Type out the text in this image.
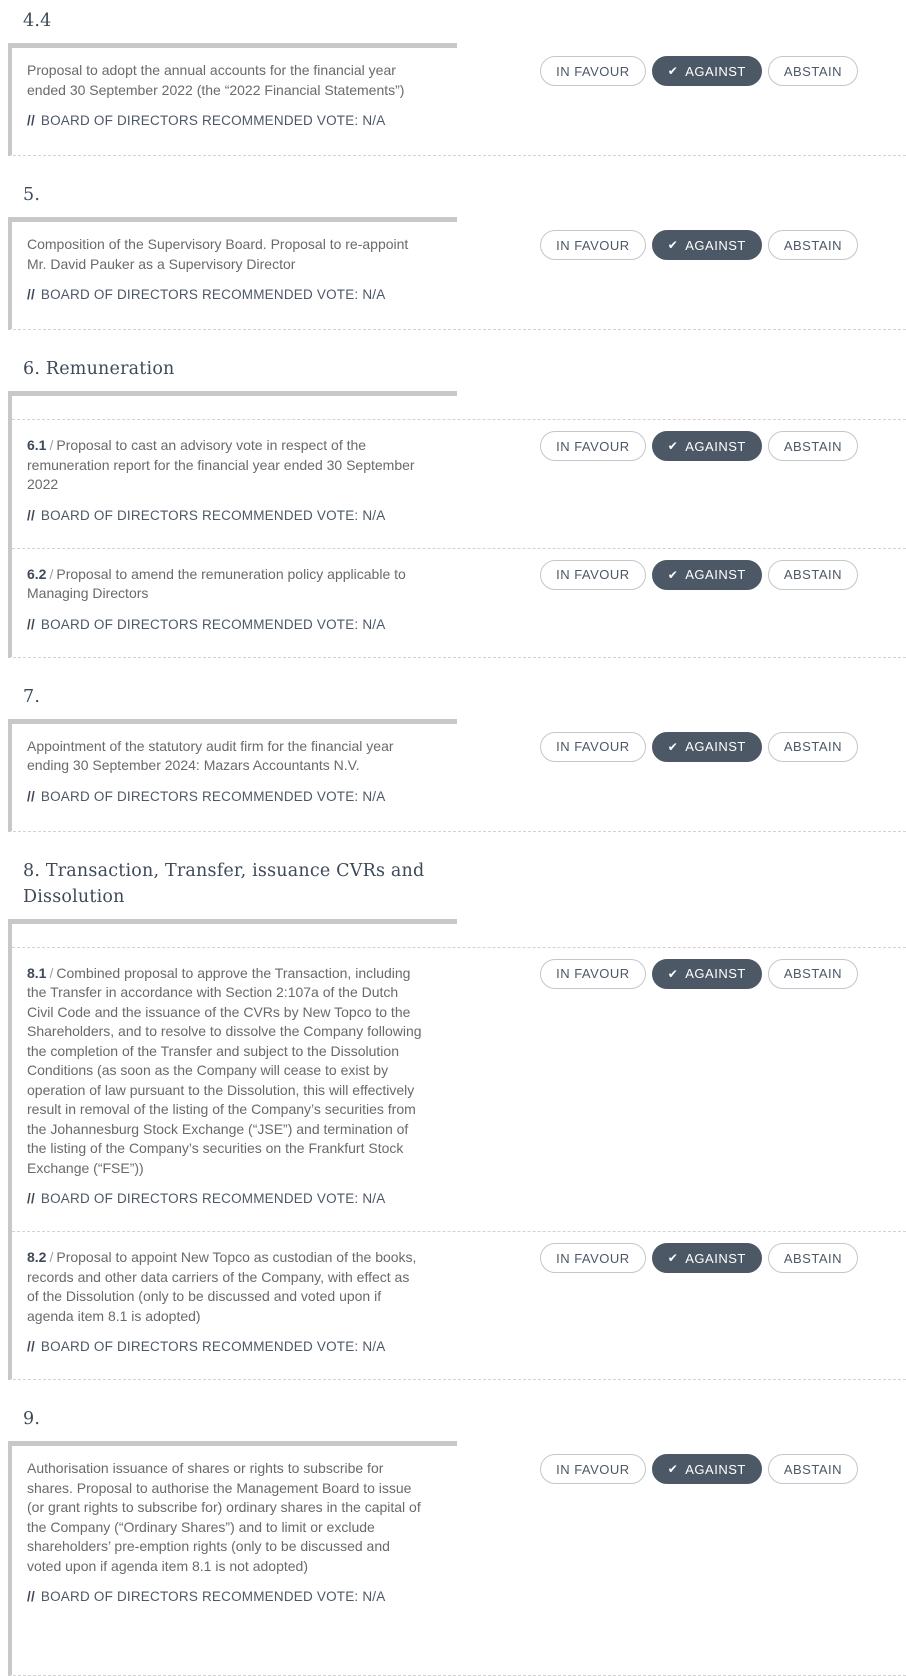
4.4

Proposal to adopt the annual accounts for the financial year ended 30 September 2022 (the “2022 Financial Statements”)

// BOARD OF DIRECTORS RECOMMENDED VOTE: N/A

IN FAVOUR	✔ AGAINST	ABSTAIN
5.

Composition of the Supervisory Board. Proposal to re-appoint Mr. David Pauker as a Supervisory Director

// BOARD OF DIRECTORS RECOMMENDED VOTE: N/A

IN FAVOUR	✔ AGAINST	ABSTAIN
6. Remuneration

6.1 / Proposal to cast an advisory vote in respect of the remuneration report for the financial year ended 30 September 2022

// BOARD OF DIRECTORS RECOMMENDED VOTE: N/A

IN FAVOUR	✔ AGAINST	ABSTAIN

6.2 / Proposal to amend the remuneration policy applicable to Managing Directors

// BOARD OF DIRECTORS RECOMMENDED VOTE: N/A

IN FAVOUR	✔ AGAINST	ABSTAIN
7.

Appointment of the statutory audit firm for the financial year ending 30 September 2024: Mazars Accountants N.V.

// BOARD OF DIRECTORS RECOMMENDED VOTE: N/A

IN FAVOUR	✔ AGAINST	ABSTAIN
8. Transaction, Transfer, issuance CVRs and Dissolution

8.1 / Combined proposal to approve the Transaction, including the Transfer in accordance with Section 2:107a of the Dutch Civil Code and the issuance of the CVRs by New Topco to the Shareholders, and to resolve to dissolve the Company following the completion of the Transfer and subject to the Dissolution Conditions (as soon as the Company will cease to exist by operation of law pursuant to the Dissolution, this will effectively result in removal of the listing of the Company’s securities from the Johannesburg Stock Exchange (“JSE”) and termination of the listing of the Company’s securities on the Frankfurt Stock Exchange (“FSE”))

// BOARD OF DIRECTORS RECOMMENDED VOTE: N/A

IN FAVOUR	✔ AGAINST	ABSTAIN

8.2 / Proposal to appoint New Topco as custodian of the books, records and other data carriers of the Company, with effect as of the Dissolution (only to be discussed and voted upon if agenda item 8.1 is adopted)

// BOARD OF DIRECTORS RECOMMENDED VOTE: N/A

IN FAVOUR	✔ AGAINST	ABSTAIN
9.

Authorisation issuance of shares or rights to subscribe for shares. Proposal to authorise the Management Board to issue (or grant rights to subscribe for) ordinary shares in the capital of the Company (“Ordinary Shares”) and to limit or exclude shareholders’ pre-emption rights (only to be discussed and voted upon if agenda item 8.1 is not adopted)

// BOARD OF DIRECTORS RECOMMENDED VOTE: N/A

IN FAVOUR	✔ AGAINST	ABSTAIN
